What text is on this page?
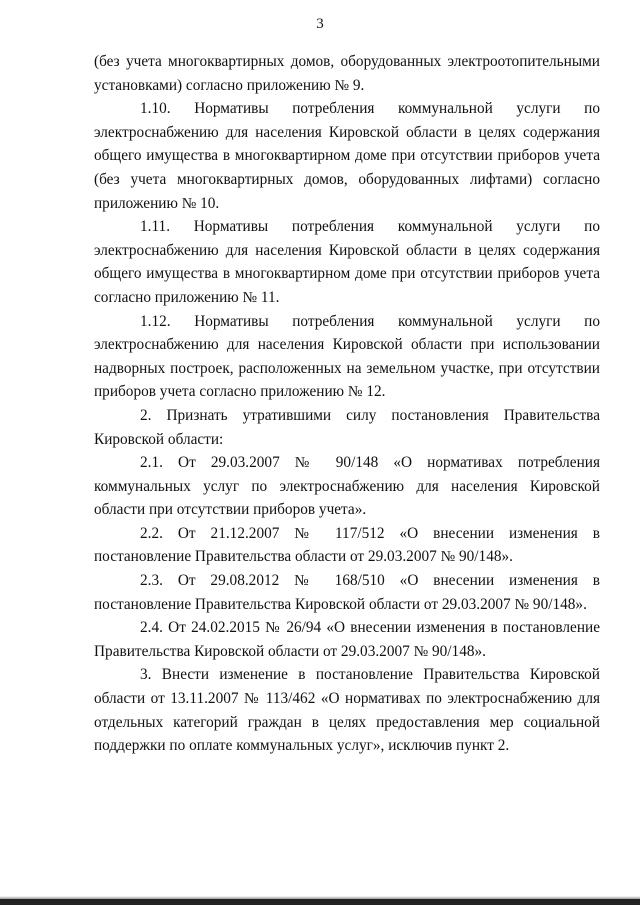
3

(без учета многоквартирных домов, оборудованных электроотопительными установками) согласно приложению № 9.

1.10. Нормативы потребления коммунальной услуги по электроснабжению для населения Кировской области в целях содержания общего имущества в многоквартирном доме при отсутствии приборов учета (без учета многоквартирных домов, оборудованных лифтами) согласно приложению № 10.

1.11. Нормативы потребления коммунальной услуги по электроснабжению для населения Кировской области в целях содержания общего имущества в многоквартирном доме при отсутствии приборов учета согласно приложению № 11.

1.12. Нормативы потребления коммунальной услуги по электроснабжению для населения Кировской области при использовании надворных построек, расположенных на земельном участке, при отсутствии приборов учета согласно приложению № 12.

2. Признать утратившими силу постановления Правительства Кировской области:

2.1. От 29.03.2007 № 90/148 «О нормативах потребления коммунальных услуг по электроснабжению для населения Кировской области при отсутствии приборов учета».

2.2. От 21.12.2007 № 117/512 «О внесении изменения в постановление Правительства области от 29.03.2007 № 90/148».

2.3. От 29.08.2012 № 168/510 «О внесении изменения в постановление Правительства Кировской области от 29.03.2007 № 90/148».

2.4. От 24.02.2015 № 26/94 «О внесении изменения в постановление Правительства Кировской области от 29.03.2007 № 90/148».

3. Внести изменение в постановление Правительства Кировской области от 13.11.2007 № 113/462 «О нормативах по электроснабжению для отдельных категорий граждан в целях предоставления мер социальной поддержки по оплате коммунальных услуг», исключив пункт 2.
